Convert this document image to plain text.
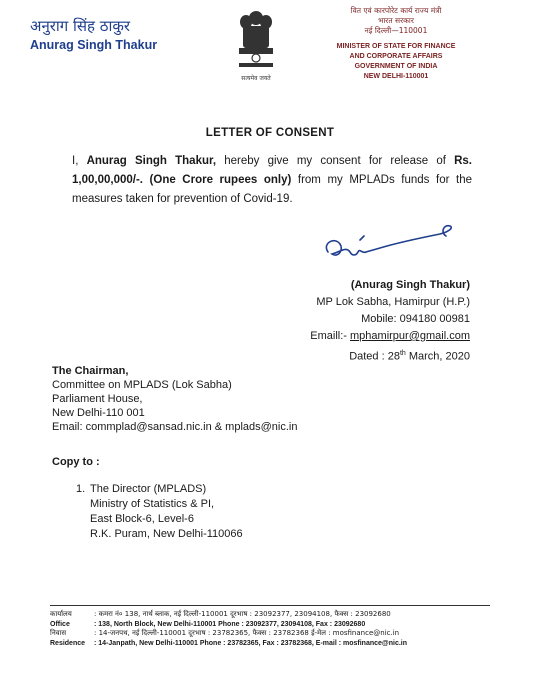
अनुराग सिंह ठाकुर
Anurag Singh Thakur
सत्यमेव जयते
वित एवं कारपोरेट कार्य राज्य मंत्री
भारत सरकार
नई दिल्ली—110001
MINISTER OF STATE FOR FINANCE
AND CORPORATE AFFAIRS
GOVERNMENT OF INDIA
NEW DELHI-110001
LETTER OF CONSENT
I, Anurag Singh Thakur, hereby give my consent for release of Rs. 1,00,00,000/-. (One Crore rupees only) from my MPLADs funds for the measures taken for prevention of Covid-19.
(Anurag Singh Thakur)
MP Lok Sabha, Hamirpur (H.P.)
Mobile: 094180 00981
Emaill:- mphamirpur@gmail.com
Dated : 28th March, 2020
The Chairman,
Committee on MPLADS (Lok Sabha)
Parliament House,
New Delhi-110 001
Email: commplad@sansad.nic.in & mplads@nic.in
Copy to :
1. The Director (MPLADS)
Ministry of Statistics & PI,
East Block-6, Level-6
R.K. Puram, New Delhi-110066
कार्यालय	: कमरा नं० 138, नार्थ ब्लाक, नई दिल्ली-110001 दूरभाष : 23092377, 23094108, फैक्स : 23092680
Office	: 138, North Block, New Delhi-110001 Phone : 23092377, 23094108, Fax : 23092680
निवास	: 14-जनपथ, नई दिल्ली-110001 दूरभाष : 23782365, फैक्स : 23782368 ई-मेल : mosfinance@nic.in
Residence	: 14-Janpath, New Delhi-110001 Phone : 23782365, Fax : 23782368, E-mail : mosfinance@nic.in
